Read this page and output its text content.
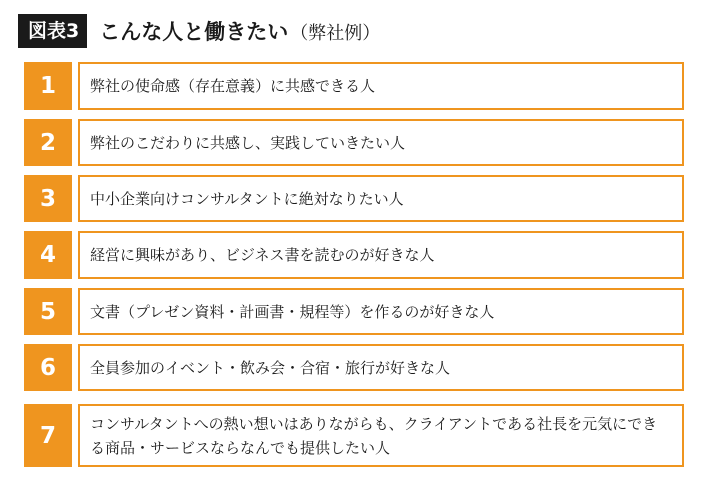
図表3 こんな人と働きたい （弊社例）
1	弊社の使命感（存在意義）に共感できる人
2	弊社のこだわりに共感し、実践していきたい人
3	中小企業向けコンサルタントに絶対なりたい人
4	経営に興味があり、ビジネス書を読むのが好きな人
5	文書（プレゼン資料・計画書・規程等）を作るのが好きな人
6	全員参加のイベント・飲み会・合宿・旅行が好きな人
7	コンサルタントへの熱い想いはありながらも、クライアントである社長を元気にできる商品・サービスならなんでも提供したい人
